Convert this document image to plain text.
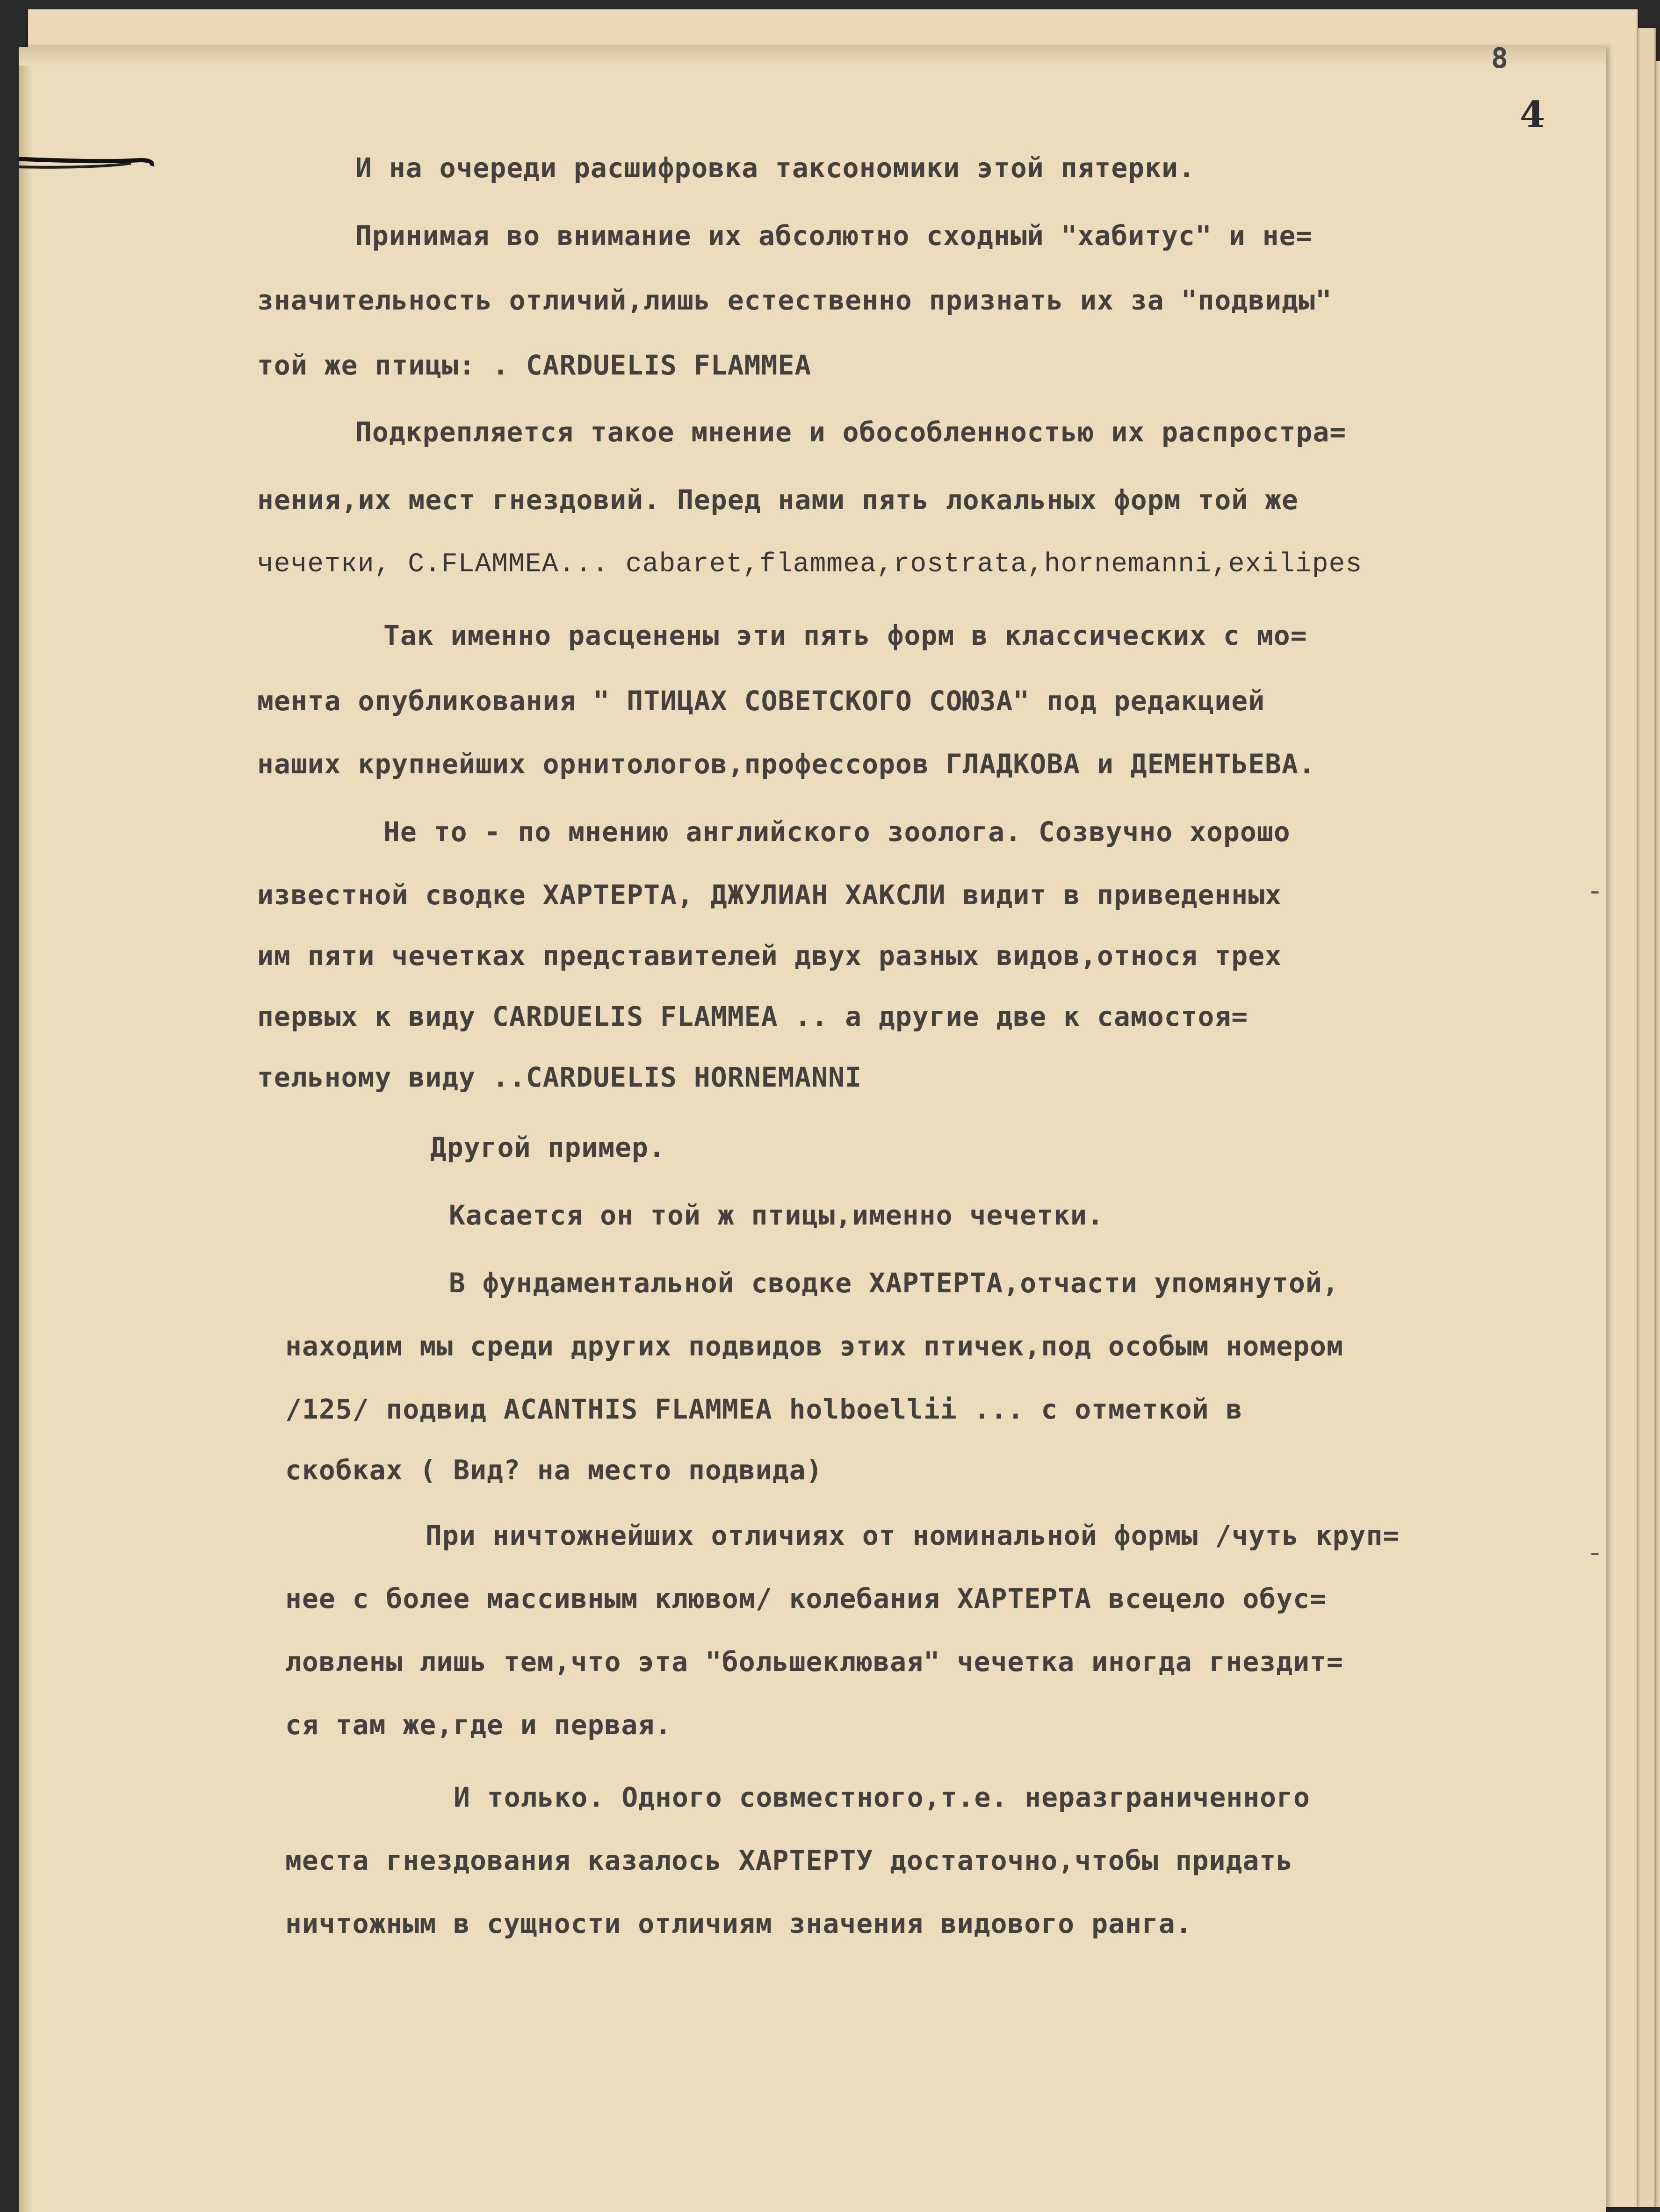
8
-
-
4
И на очереди расшифровка таксономики этой пятерки.
Принимая во внимание их абсолютно сходный "хабитус" и не=
значительность отличий,лишь естественно признать их за "подвиды"
той же птицы: . CARDUELIS FLAMMEA
Подкрепляется такое мнение и обособленностью их распростра=
нения,их мест гнездовий. Перед нами пять локальных форм той же
чечетки, C.FLAMMEA... cabaret,flammea,rostrata,hornemanni,exilipes
Так именно расценены эти пять форм в классических с мо=
мента опубликования " ПТИЦАХ СОВЕТСКОГО СОЮЗА" под редакцией
наших крупнейших орнитологов,профессоров ГЛАДКОВА и ДЕМЕНТЬЕВА.
Не то - по мнению английского зоолога. Созвучно хорошо
известной сводке ХАРТЕРТА, ДЖУЛИАН ХАКСЛИ видит в приведенных
им пяти чечетках представителей двух разных видов,относя трех
первых к виду CARDUELIS FLAMMEA .. а другие две к самостоя=
тельному виду ..CARDUELIS HORNEMANNI
Другой пример.
Касается он той ж птицы,именно чечетки.
В фундаментальной сводке ХАРТЕРТА,отчасти упомянутой,
находим мы среди других подвидов этих птичек,под особым номером
/125/ подвид ACANTHIS FLAMMEA holboellii ... с отметкой в
скобках ( Вид? на место подвида)
При ничтожнейших отличиях от номинальной формы /чуть круп=
нее с более массивным клювом/ колебания ХАРТЕРТА всецело обус=
ловлены лишь тем,что эта "большеклювая" чечетка иногда гнездит=
ся там же,где и первая.
И только. Одного совместного,т.е. неразграниченного
места гнездования казалось ХАРТЕРТУ достаточно,чтобы придать
ничтожным в сущности отличиям значения видового ранга.
